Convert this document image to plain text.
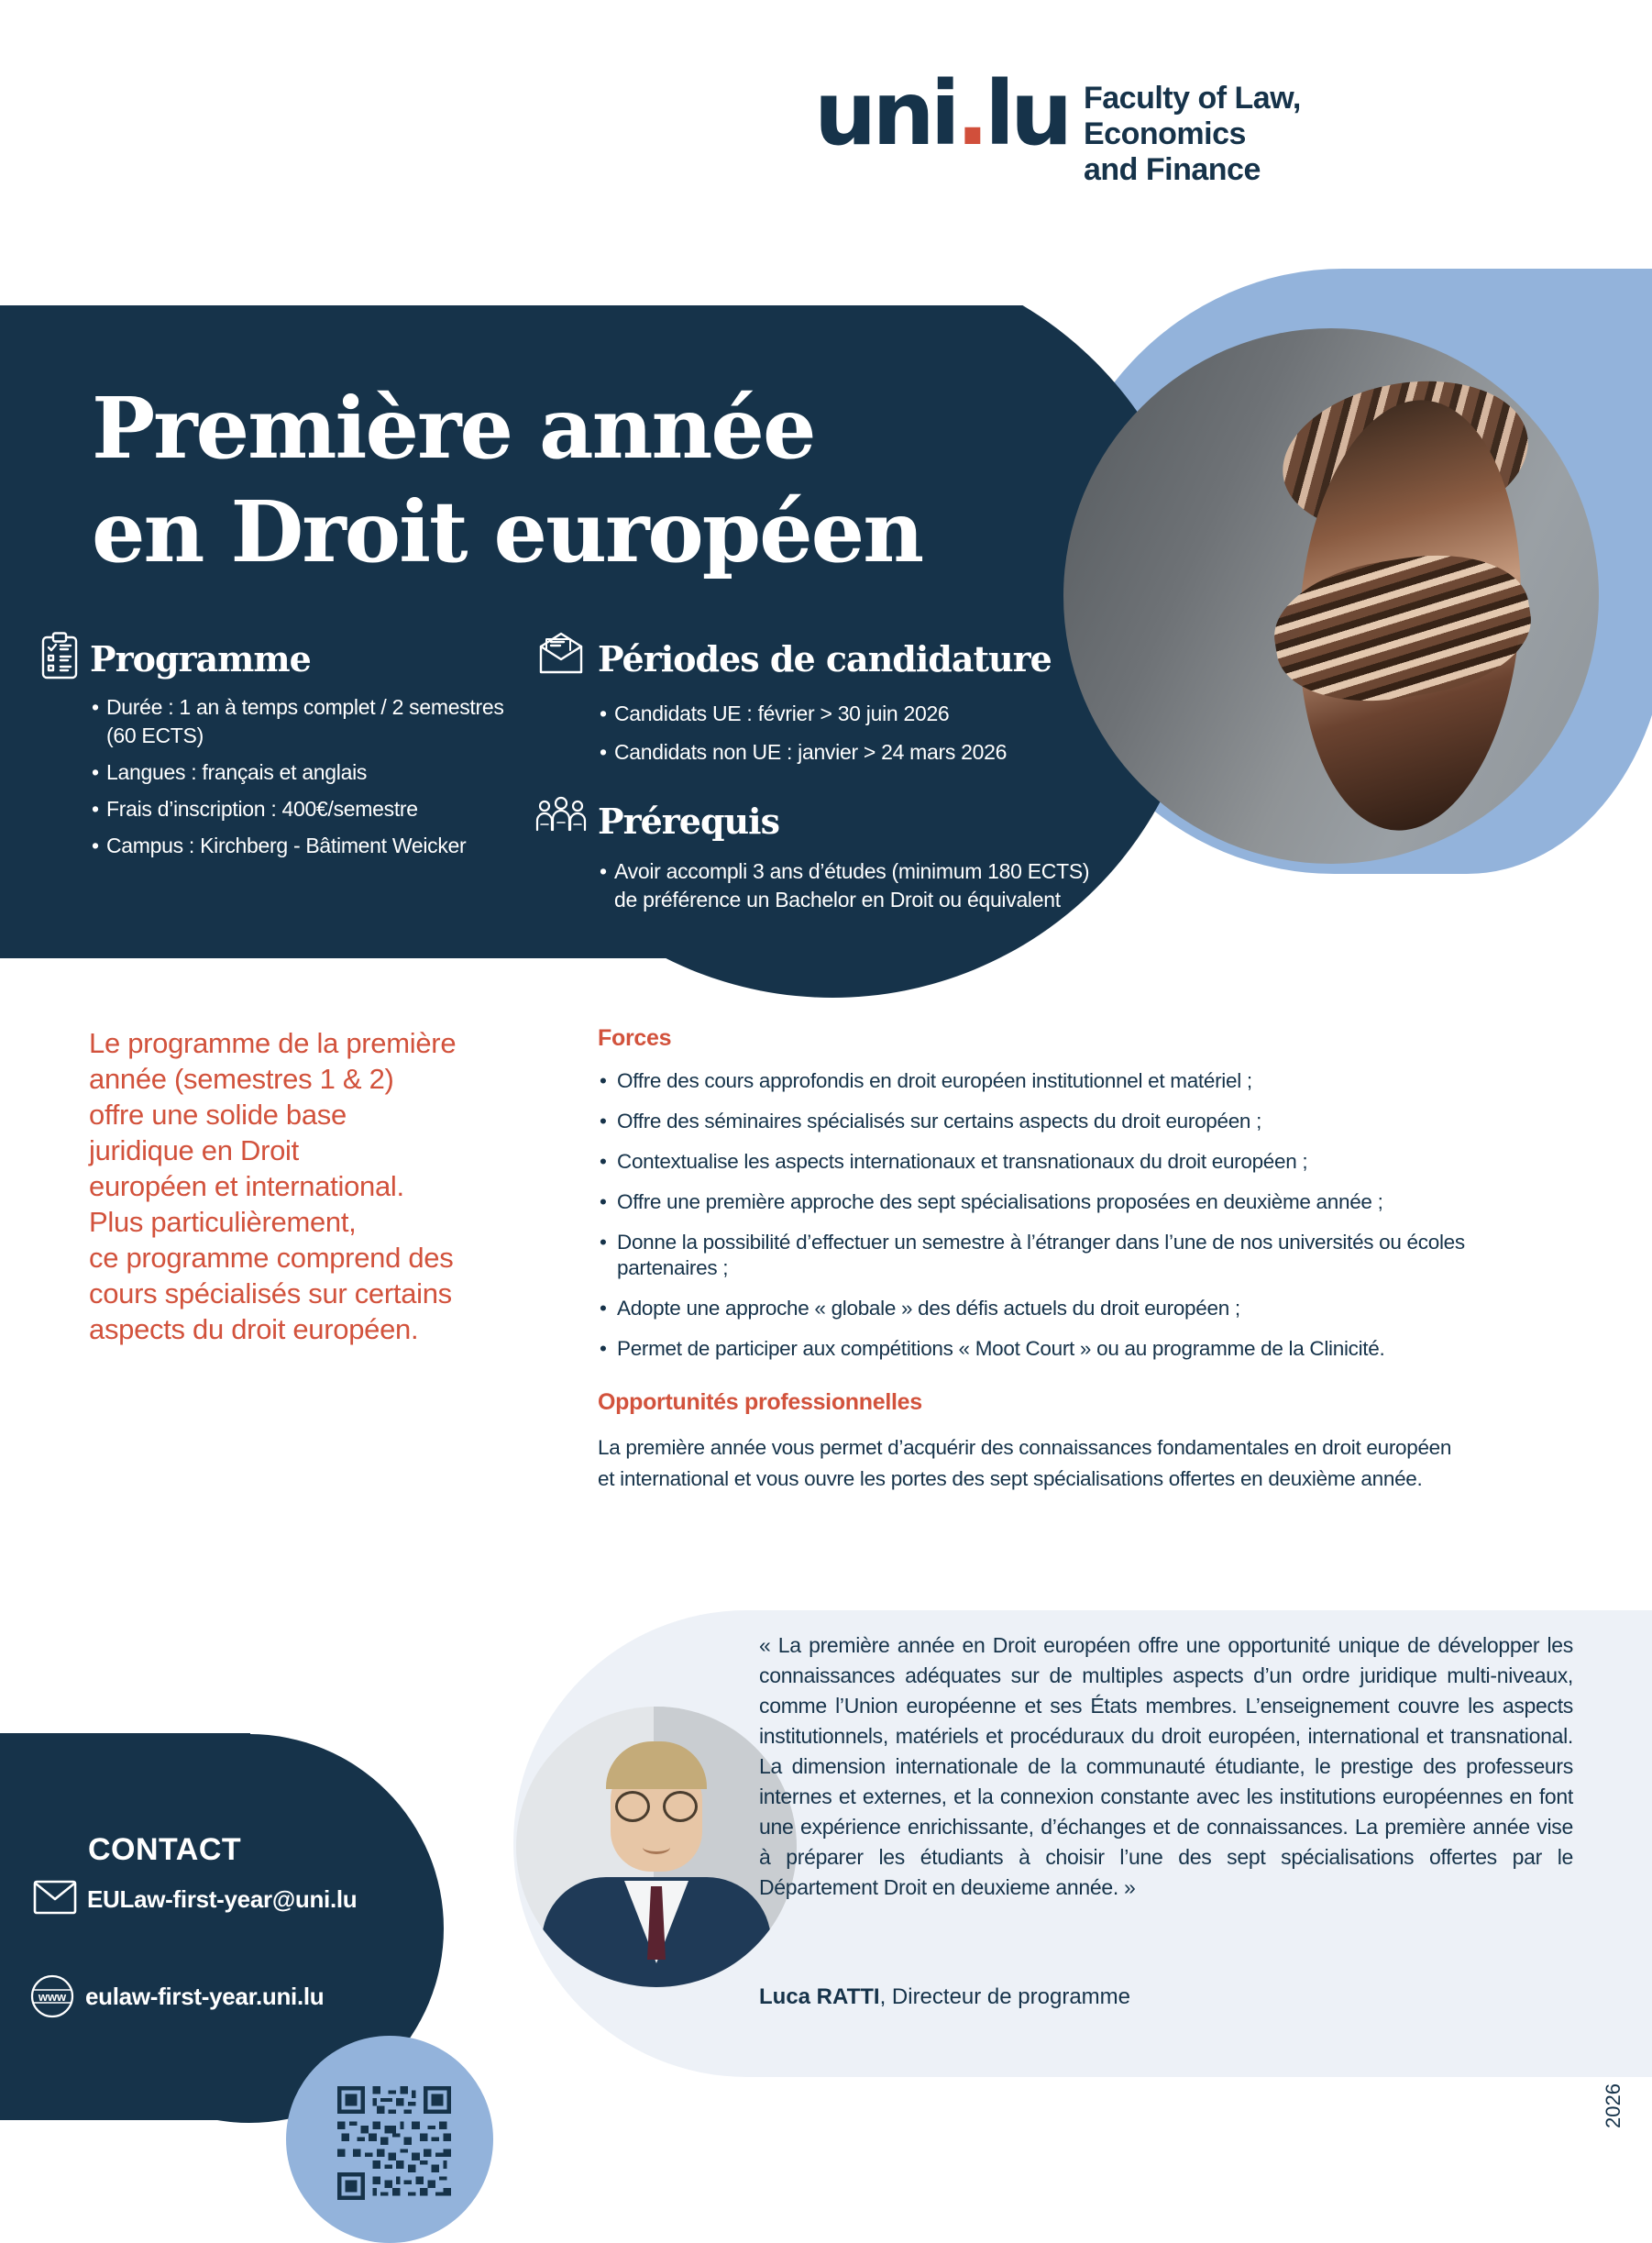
uni.lu Faculty of Law,
Economics
and Finance
Première année
en Droit européen
Programme
• Durée : 1 an à temps complet / 2 semestres (60 ECTS)
• Langues : français et anglais
• Frais d’inscription : 400€/semestre
• Campus : Kirchberg - Bâtiment Weicker
Périodes de candidature
• Candidats UE : février > 30 juin 2026
• Candidats non UE : janvier > 24 mars 2026
Prérequis
• Avoir accompli 3 ans d’études (minimum 180 ECTS) de préférence un Bachelor en Droit ou équivalent
Le programme de la première
année (semestres 1 & 2)
offre une solide base
juridique en Droit
européen et international.
Plus particulièrement,
ce programme comprend des
cours spécialisés sur certains
aspects du droit européen.
Forces
• Offre des cours approfondis en droit européen institutionnel et matériel ;
• Offre des séminaires spécialisés sur certains aspects du droit européen ;
• Contextualise les aspects internationaux et transnationaux du droit européen ;
• Offre une première approche des sept spécialisations proposées en deuxième année ;
• Donne la possibilité d’effectuer un semestre à l’étranger dans l’une de nos universités ou écoles partenaires ;
• Adopte une approche « globale » des défis actuels du droit européen ;
• Permet de participer aux compétitions « Moot Court » ou au programme de la Clinicité.
Opportunités professionnelles
La première année vous permet d’acquérir des connaissances fondamentales en droit européen et international et vous ouvre les portes des sept spécialisations offertes en deuxième année.
« La première année en Droit européen offre une opportunité unique de développer les connaissances adéquates sur de multiples aspects d’un ordre juridique multi-niveaux, comme l’Union européenne et ses États membres. L’enseignement couvre les aspects institutionnels, matériels et procéduraux du droit européen, international et transnational. La dimension internationale de la communauté étudiante, le prestige des professeurs internes et externes, et la connexion constante avec les institutions européennes en font une expérience enrichissante, d’échanges et de connaissances. La première année vise à préparer les étudiants à choisir l’une des sept spécialisations offertes par le Département Droit en deuxieme année. »
Luca RATTI, Directeur de programme
CONTACT
EULaw-first-year@uni.lu
www eulaw-first-year.uni.lu
2026
